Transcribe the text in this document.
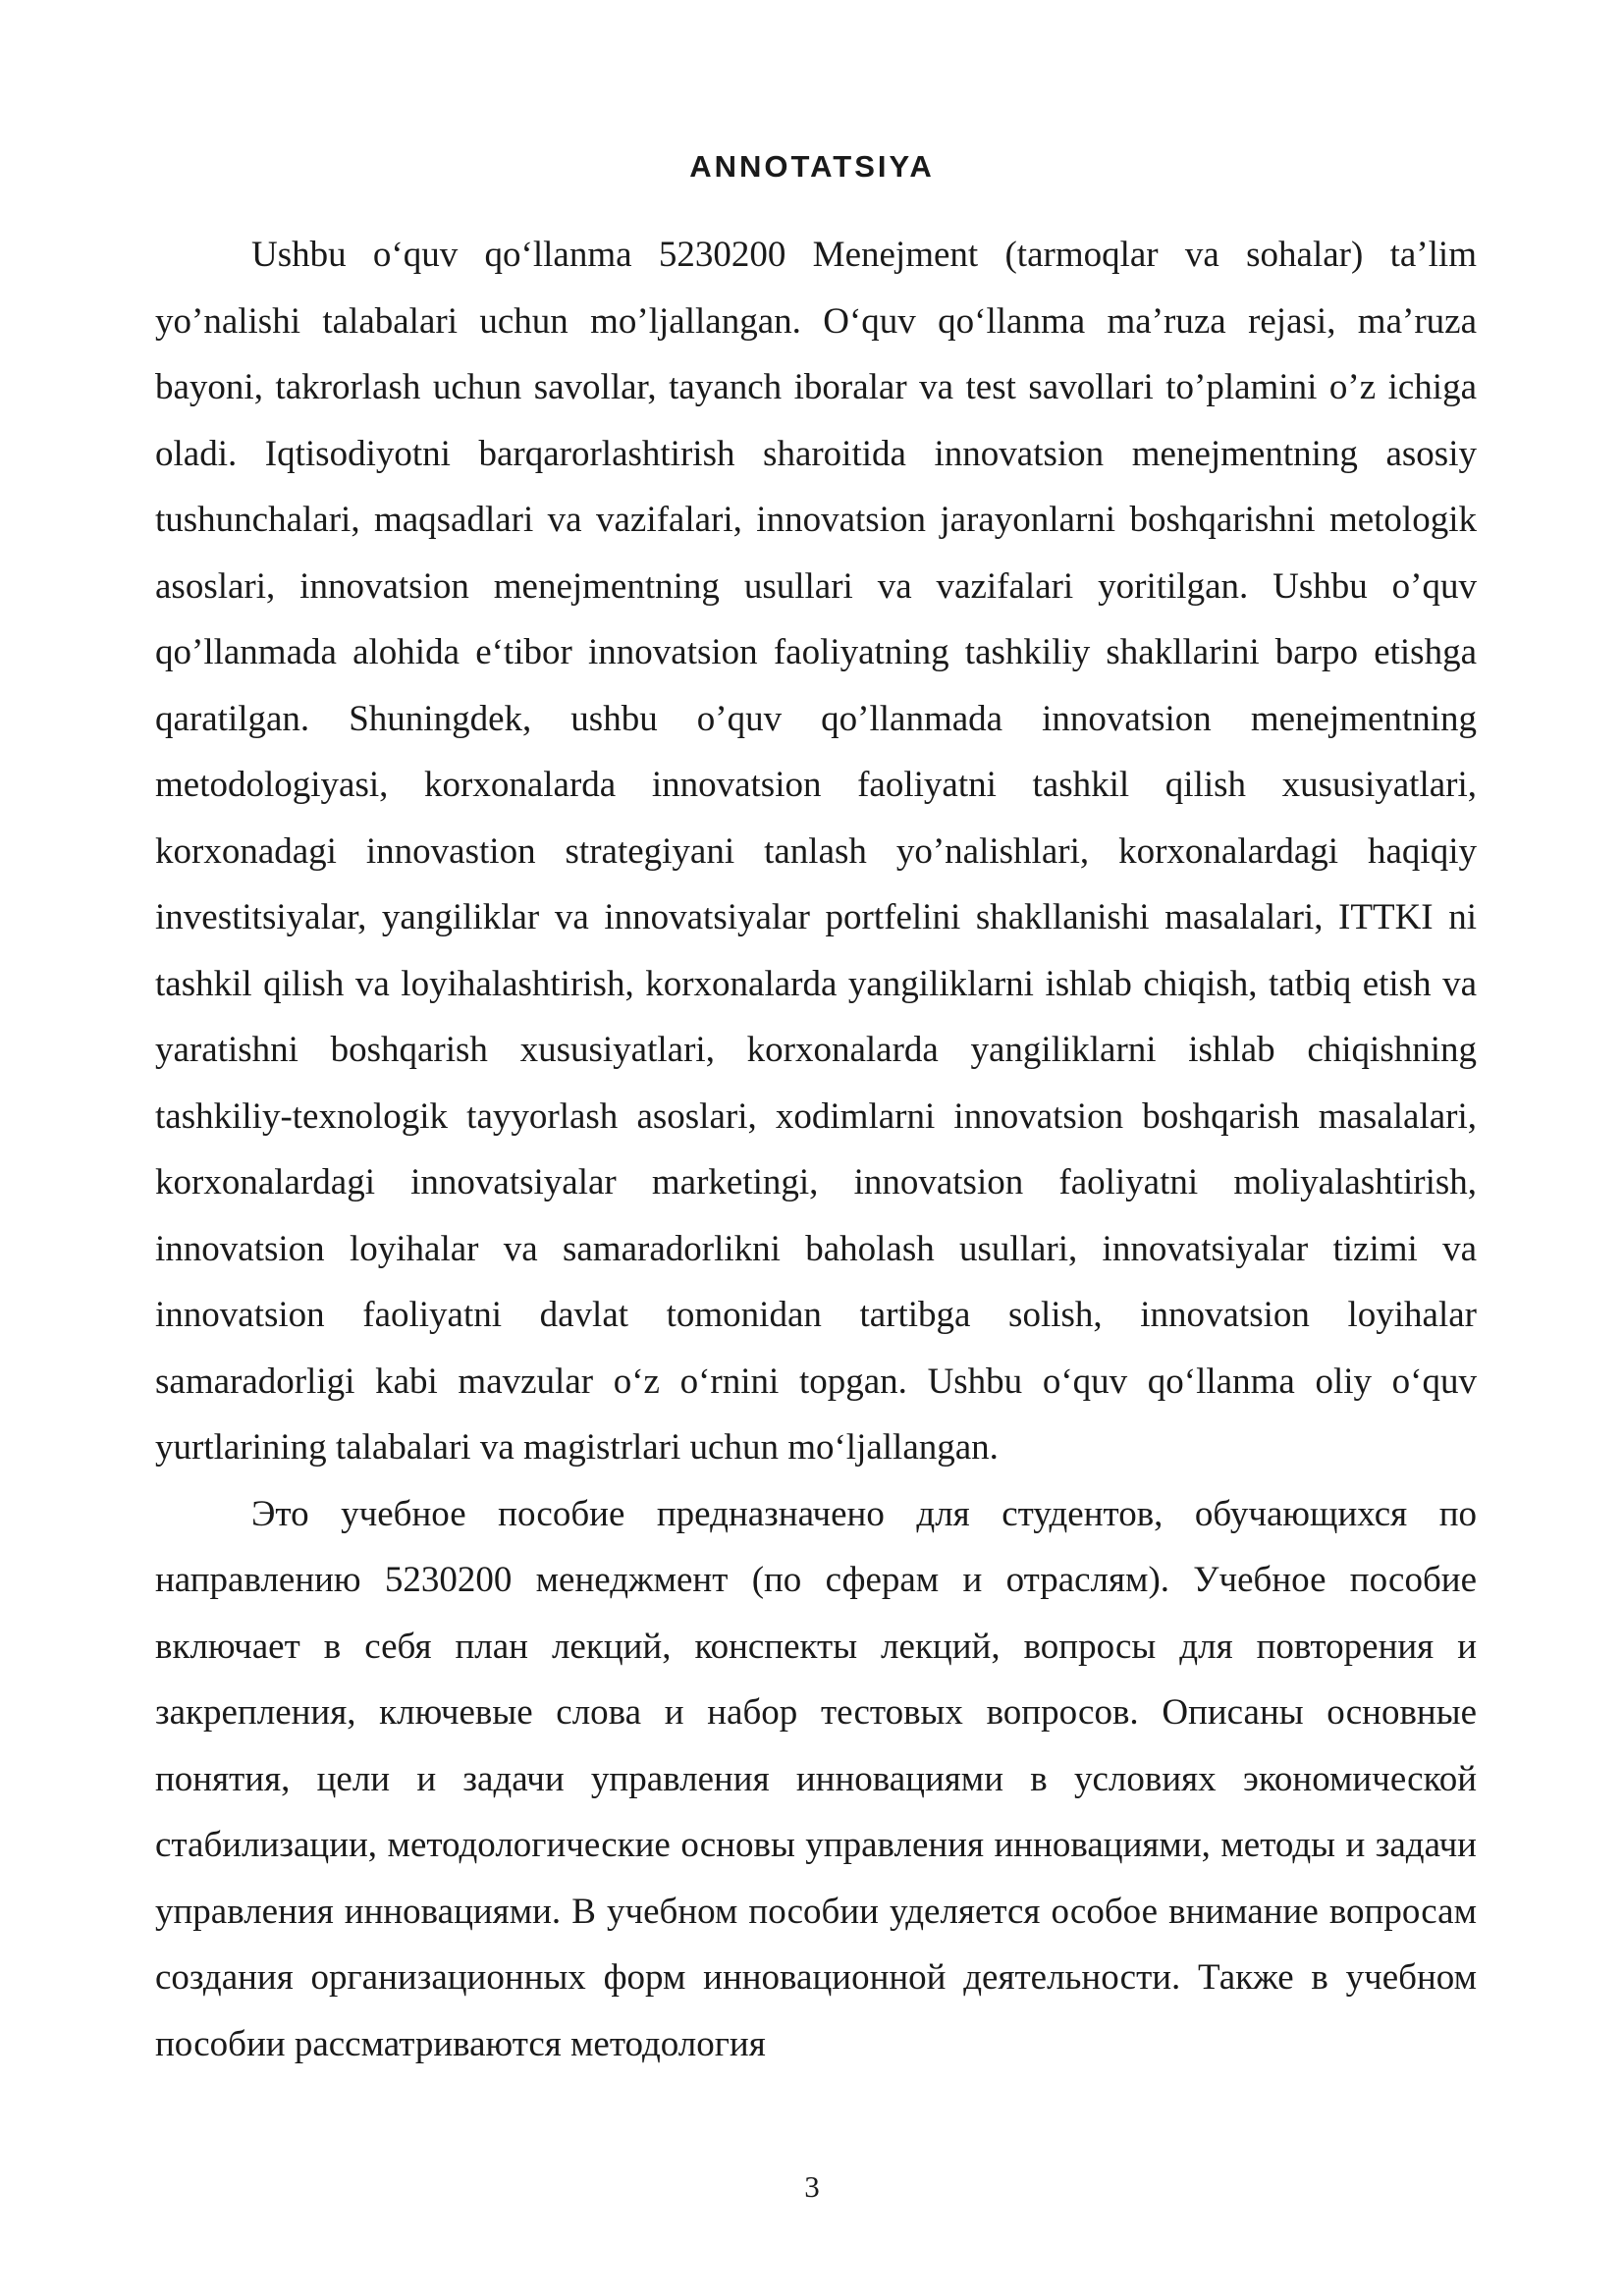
ANNOTATSIYA

Ushbu o‘quv qo‘llanma 5230200 Menejment (tarmoqlar va sohalar) ta’lim yo’nalishi talabalari uchun mo’ljallangan. O‘quv qo‘llanma ma’ruza rejasi, ma’ruza bayoni, takrorlash uchun savollar, tayanch iboralar va test savollari to’plamini o’z ichiga oladi. Iqtisodiyotni barqarorlashtirish sharoitida innovatsion menejmentning asosiy tushunchalari, maqsadlari va vazifalari, innovatsion jarayonlarni boshqarishni metologik asoslari, innovatsion menejmentning usullari va vazifalari yoritilgan. Ushbu o’quv qo’llanmada alohida e‘tibor innovatsion faoliyatning tashkiliy shakllarini barpo etishga qaratilgan. Shuningdek, ushbu o’quv qo’llanmada innovatsion menejmentning metodologiyasi, korxonalarda innovatsion faoliyatni tashkil qilish xususiyatlari, korxonadagi innovastion strategiyani tanlash yo’nalishlari, korxonalardagi haqiqiy investitsiyalar, yangiliklar va innovatsiyalar portfelini shakllanishi masalalari, ITTKI ni tashkil qilish va loyihalashtirish, korxonalarda yangiliklarni ishlab chiqish, tatbiq etish va yaratishni boshqarish xususiyatlari, korxonalarda yangiliklarni ishlab chiqishning tashkiliy-texnologik tayyorlash asoslari, xodimlarni innovatsion boshqarish masalalari, korxonalardagi innovatsiyalar marketingi, innovatsion faoliyatni moliyalashtirish, innovatsion loyihalar va samaradorlikni baholash usullari, innovatsiyalar tizimi va innovatsion faoliyatni davlat tomonidan tartibga solish, innovatsion loyihalar samaradorligi kabi mavzular o‘z o‘rnini topgan. Ushbu o‘quv qo‘llanma oliy o‘quv yurtlarining talabalari va magistrlari uchun mo‘ljallangan.

Это учебное пособие предназначено для студентов, обучающихся по направлению 5230200 менеджмент (по сферам и отраслям). Учебное пособие включает в себя план лекций, конспекты лекций, вопросы для повторения и закрепления, ключевые слова и набор тестовых вопросов. Описаны основные понятия, цели и задачи управления инновациями в условиях экономической стабилизации, методологические основы управления инновациями, методы и задачи управления инновациями. В учебном пособии уделяется особое внимание вопросам создания организационных форм инновационной деятельности. Также в учебном пособии рассматриваются методология

3
